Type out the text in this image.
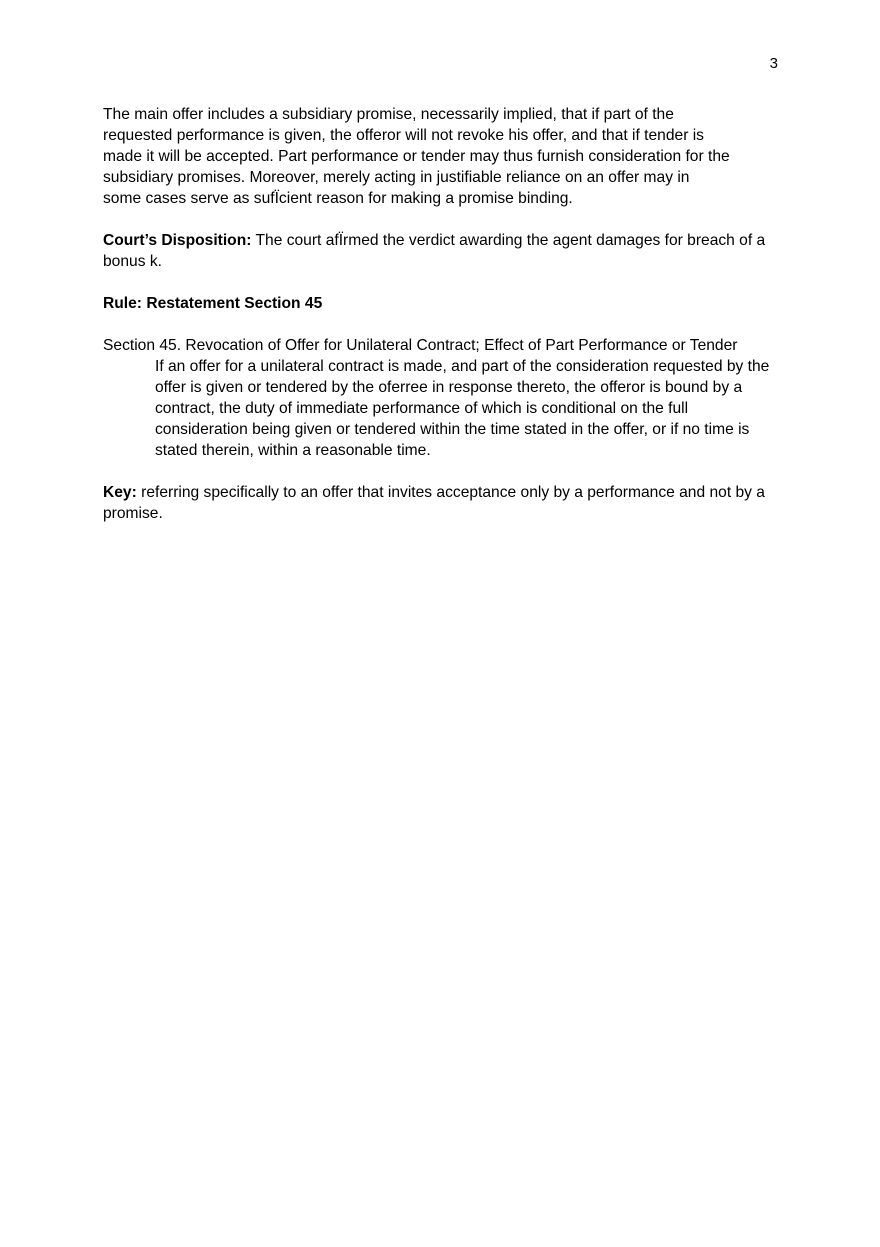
3

The main offer includes a subsidiary promise, necessarily implied, that if part of the requested performance is given, the offeror will not revoke his offer, and that if tender is made it will be accepted. Part performance or tender may thus furnish consideration for the subsidiary promises. Moreover, merely acting in justifiable reliance on an offer may in some cases serve as sufÏcient reason for making a promise binding.

Court’s Disposition: The court afÏrmed the verdict awarding the agent damages for breach of a bonus k.

Rule: Restatement Section 45

Section 45. Revocation of Offer for Unilateral Contract; Effect of Part Performance or Tender

If an offer for a unilateral contract is made, and part of the consideration requested by the offer is given or tendered by the oferree in response thereto, the offeror is bound by a contract, the duty of immediate performance of which is conditional on the full consideration being given or tendered within the time stated in the offer, or if no time is stated therein, within a reasonable time.

Key: referring specifically to an offer that invites acceptance only by a performance and not by a promise.
